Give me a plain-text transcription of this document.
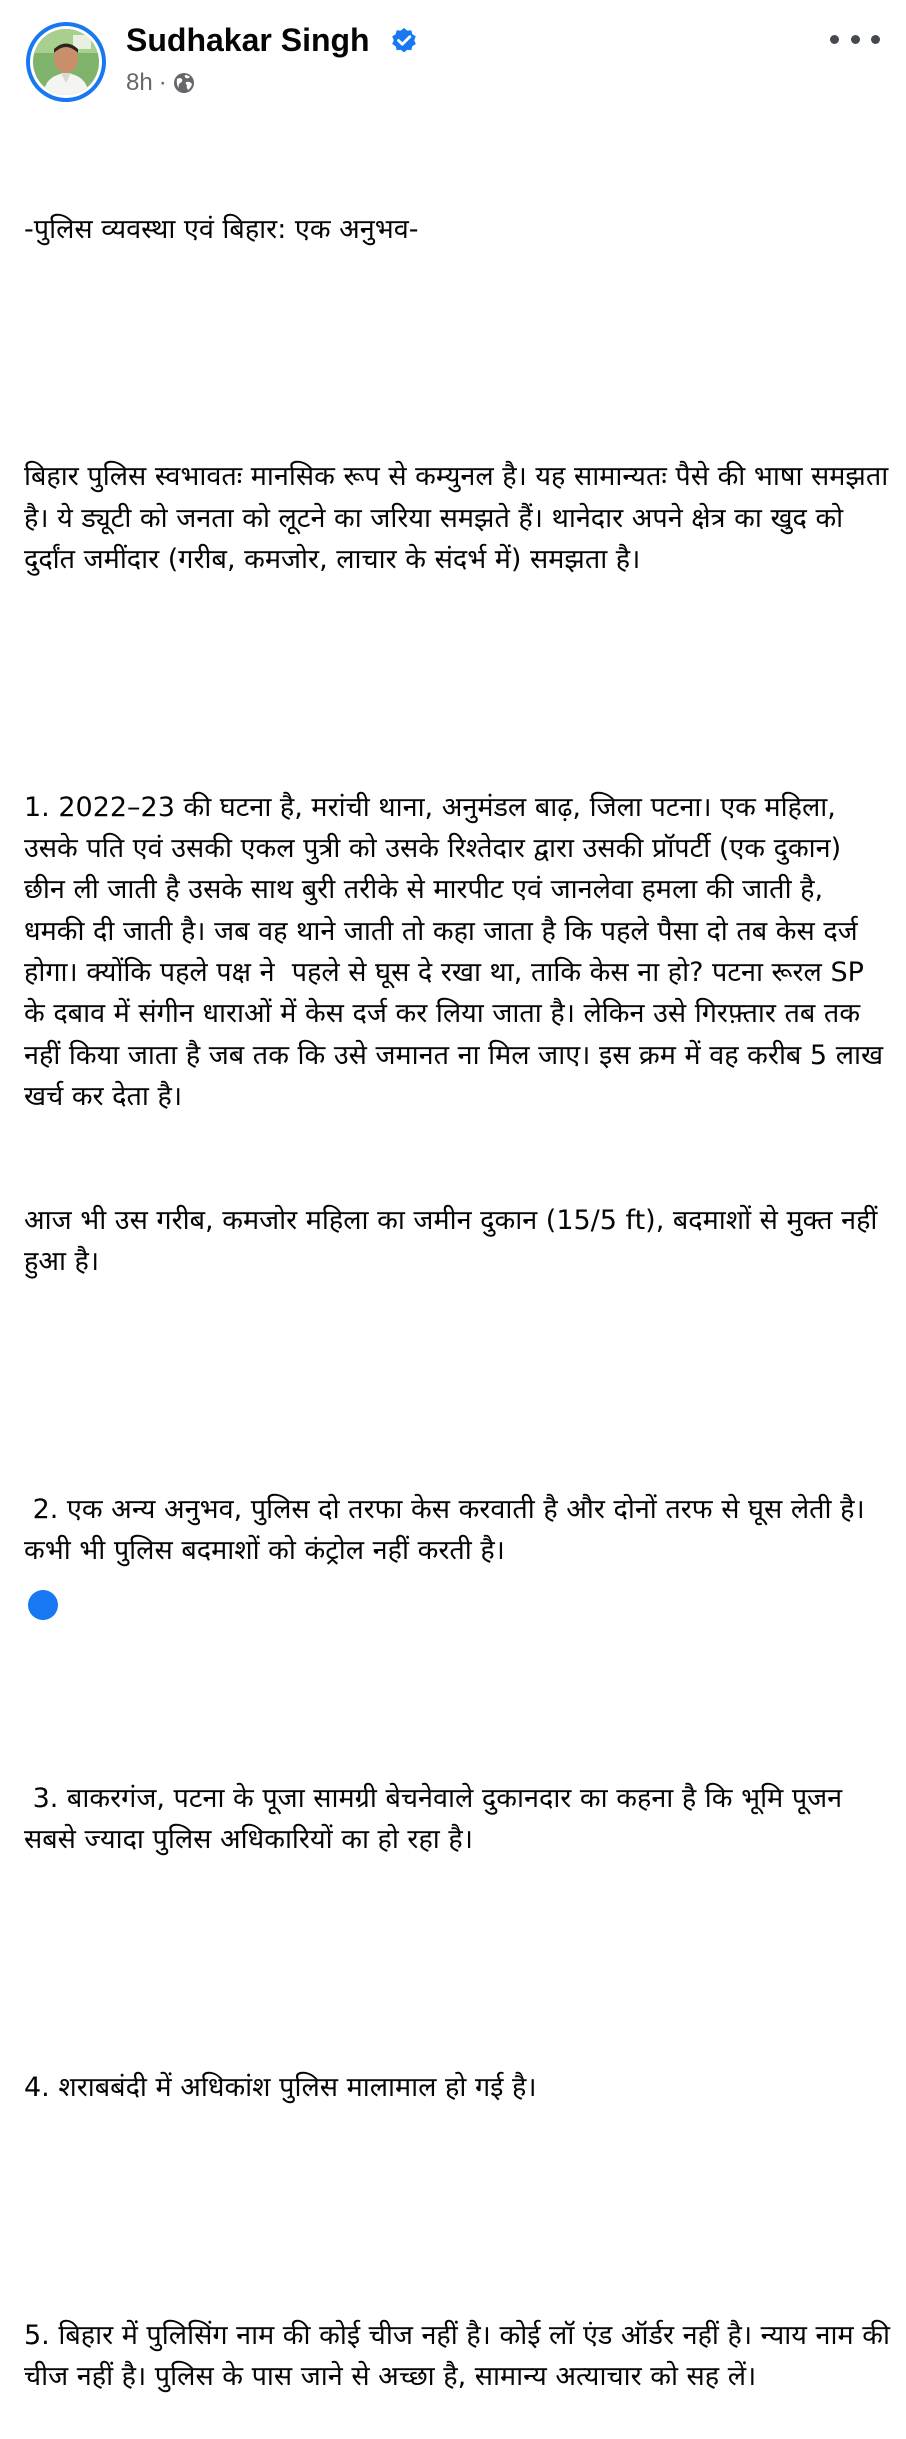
Sudhakar Singh
8h ·

-पुलिस व्यवस्था एवं बिहार: एक अनुभव-

बिहार पुलिस स्वभावतः मानसिक रूप से कम्युनल है। यह सामान्यतः पैसे की भाषा समझता है। ये ड्यूटी को जनता को लूटने का जरिया समझते हैं। थानेदार अपने क्षेत्र का खुद को दुर्दांत जमींदार (गरीब, कमजोर, लाचार के संदर्भ में) समझता है।

1. 2022–23 की घटना है, मरांची थाना, अनुमंडल बाढ़, जिला पटना। एक महिला, उसके पति एवं उसकी एकल पुत्री को उसके रिश्तेदार द्वारा उसकी प्रॉपर्टी (एक दुकान) छीन ली जाती है उसके साथ बुरी तरीके से मारपीट एवं जानलेवा हमला की जाती है, धमकी दी जाती है। जब वह थाने जाती तो कहा जाता है कि पहले पैसा दो तब केस दर्ज होगा। क्योंकि पहले पक्ष ने  पहले से घूस दे रखा था, ताकि केस ना हो? पटना रूरल SP के दबाव में संगीन धाराओं में केस दर्ज कर लिया जाता है। लेकिन उसे गिरफ़्तार तब तक नहीं किया जाता है जब तक कि उसे जमानत ना मिल जाए। इस क्रम में वह करीब 5 लाख खर्च कर देता है।

आज भी उस गरीब, कमजोर महिला का जमीन दुकान (15/5 ft), बदमाशों से मुक्त नहीं हुआ है।

2. एक अन्य अनुभव, पुलिस दो तरफा केस करवाती है और दोनों तरफ से घूस लेती है। कभी भी पुलिस बदमाशों को कंट्रोल नहीं करती है।

3. बाकरगंज, पटना के पूजा सामग्री बेचनेवाले दुकानदार का कहना है कि भूमि पूजन सबसे ज्यादा पुलिस अधिकारियों का हो रहा है।

4. शराबबंदी में अधिकांश पुलिस मालामाल हो गई है।

5. बिहार में पुलिसिंग नाम की कोई चीज नहीं है। कोई लॉ एंड ऑर्डर नहीं है। न्याय नाम की चीज नहीं है। पुलिस के पास जाने से अच्छा है, सामान्य अत्याचार को सह लें।
